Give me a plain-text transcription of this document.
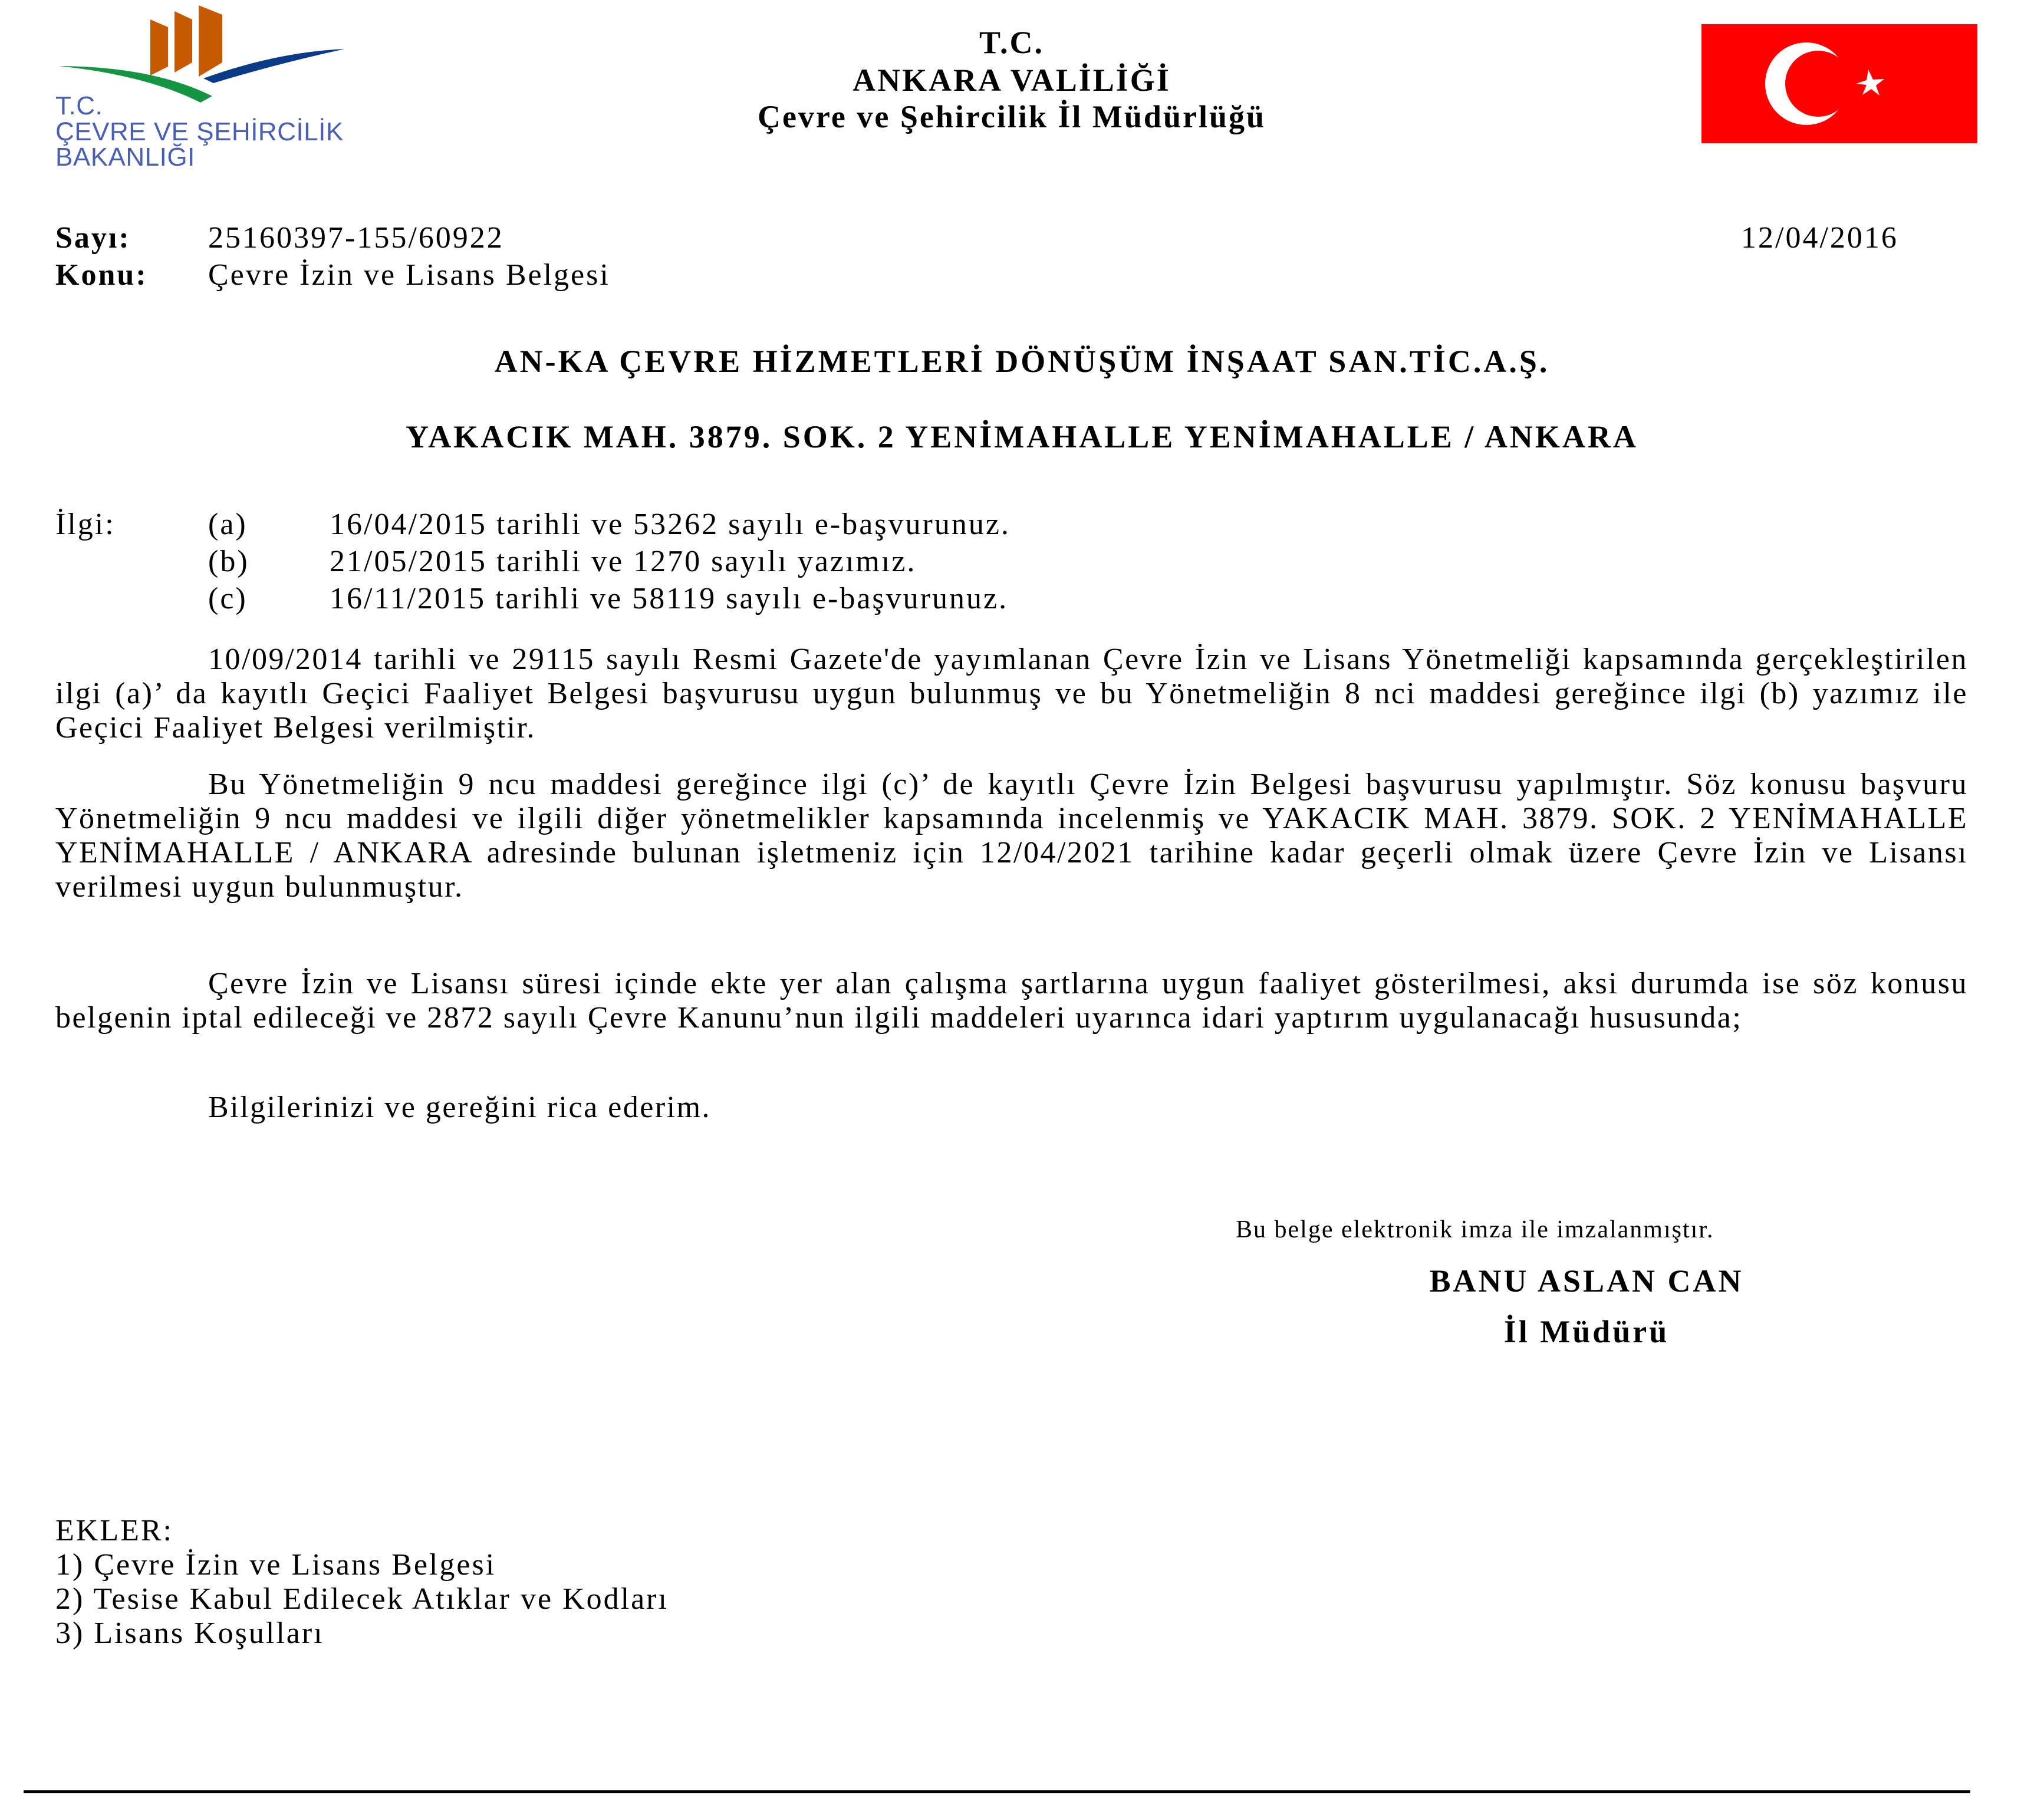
T.C.
ÇEVRE VE ŞEHİRCİLİK
BAKANLIĞI
T.C.
ANKARA VALİLİĞİ
Çevre ve Şehircilik İl Müdürlüğü
Sayı:	25160397-155/60922
Konu: Çevre İzin ve Lisans Belgesi
12/04/2016
AN-KA ÇEVRE HİZMETLERİ DÖNÜŞÜM İNŞAAT SAN.TİC.A.Ş.
YAKACIK MAH. 3879. SOK. 2 YENİMAHALLE YENİMAHALLE / ANKARA
İlgi:	(a)	16/04/2015 tarihli ve 53262 sayılı e-başvurunuz.
(b)	21/05/2015 tarihli ve 1270 sayılı yazımız.
(c)	16/11/2015 tarihli ve 58119 sayılı e-başvurunuz.

10/09/2014 tarihli ve 29115 sayılı Resmi Gazete'de yayımlanan Çevre İzin ve Lisans Yönetmeliği kapsamında gerçekleştirilen ilgi (a)’ da kayıtlı Geçici Faaliyet Belgesi başvurusu uygun bulunmuş ve bu Yönetmeliğin 8 nci maddesi gereğince ilgi (b) yazımız ile Geçici Faaliyet Belgesi verilmiştir.

Bu Yönetmeliğin 9 ncu maddesi gereğince ilgi (c)’ de kayıtlı Çevre İzin Belgesi başvurusu yapılmıştır. Söz konusu başvuru Yönetmeliğin 9 ncu maddesi ve ilgili diğer yönetmelikler kapsamında incelenmiş ve YAKACIK MAH. 3879. SOK. 2 YENİMAHALLE YENİMAHALLE / ANKARA adresinde bulunan işletmeniz için 12/04/2021 tarihine kadar geçerli olmak üzere Çevre İzin ve Lisansı verilmesi uygun bulunmuştur.

Çevre İzin ve Lisansı süresi içinde ekte yer alan çalışma şartlarına uygun faaliyet gösterilmesi, aksi durumda ise söz konusu belgenin iptal edileceği ve 2872 sayılı Çevre Kanunu’nun ilgili maddeleri uyarınca idari yaptırım uygulanacağı hususunda;

Bilgilerinizi ve gereğini rica ederim.

Bu belge elektronik imza ile imzalanmıştır.
BANU ASLAN CAN
İl Müdürü
EKLER:
1) Çevre İzin ve Lisans Belgesi
2) Tesise Kabul Edilecek Atıklar ve Kodları
3) Lisans Koşulları
